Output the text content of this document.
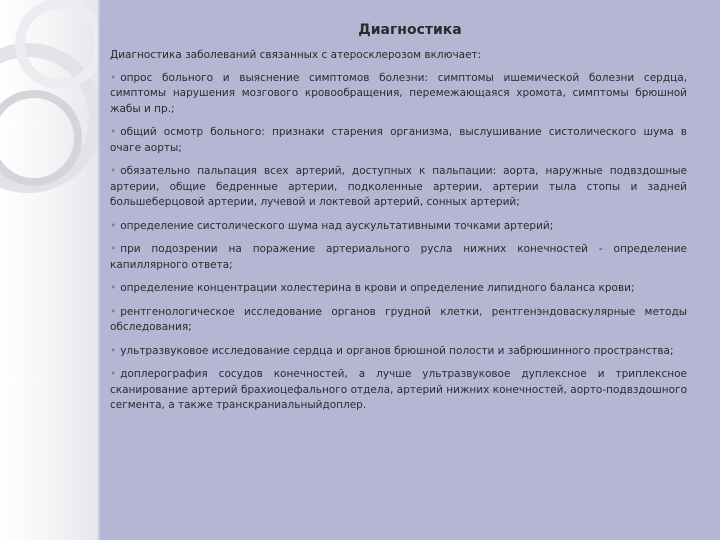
Диагностика

Диагностика заболеваний связанных с атеросклерозом включает:

• опрос больного и выяснение симптомов болезни: симптомы ишемической болезни сердца, симптомы нарушения мозгового кровообращения, перемежающаяся хромота, симптомы брюшной жабы и пр.;
• общий осмотр больного: признаки старения организма, выслушивание систолического шума в очаге аорты;
• обязательно пальпация всех артерий, доступных к пальпации: аорта, наружные подвздошные артерии, общие бедренные артерии, подколенные артерии, артерии тыла стопы и задней большеберцовой артерии, лучевой и локтевой артерий, сонных артерий;
• определение систолического шума над аускультативными точками артерий;
• при подозрении на поражение артериального русла нижних конечностей - определение капиллярного ответа;
• определение концентрации холестерина в крови и определение липидного баланса крови;
• рентгенологическое исследование органов грудной клетки, рентгенэндоваскулярные методы обследования;
• ультразвуковое исследование сердца и органов брюшной полости и забрюшинного пространства;
• доплерография сосудов конечностей, а лучше ультразвуковое дуплексное и триплексное сканирование артерий брахиоцефального отдела, артерий нижних конечностей, аорто-подвздошного сегмента, а также транскраниальныйдоплер.
